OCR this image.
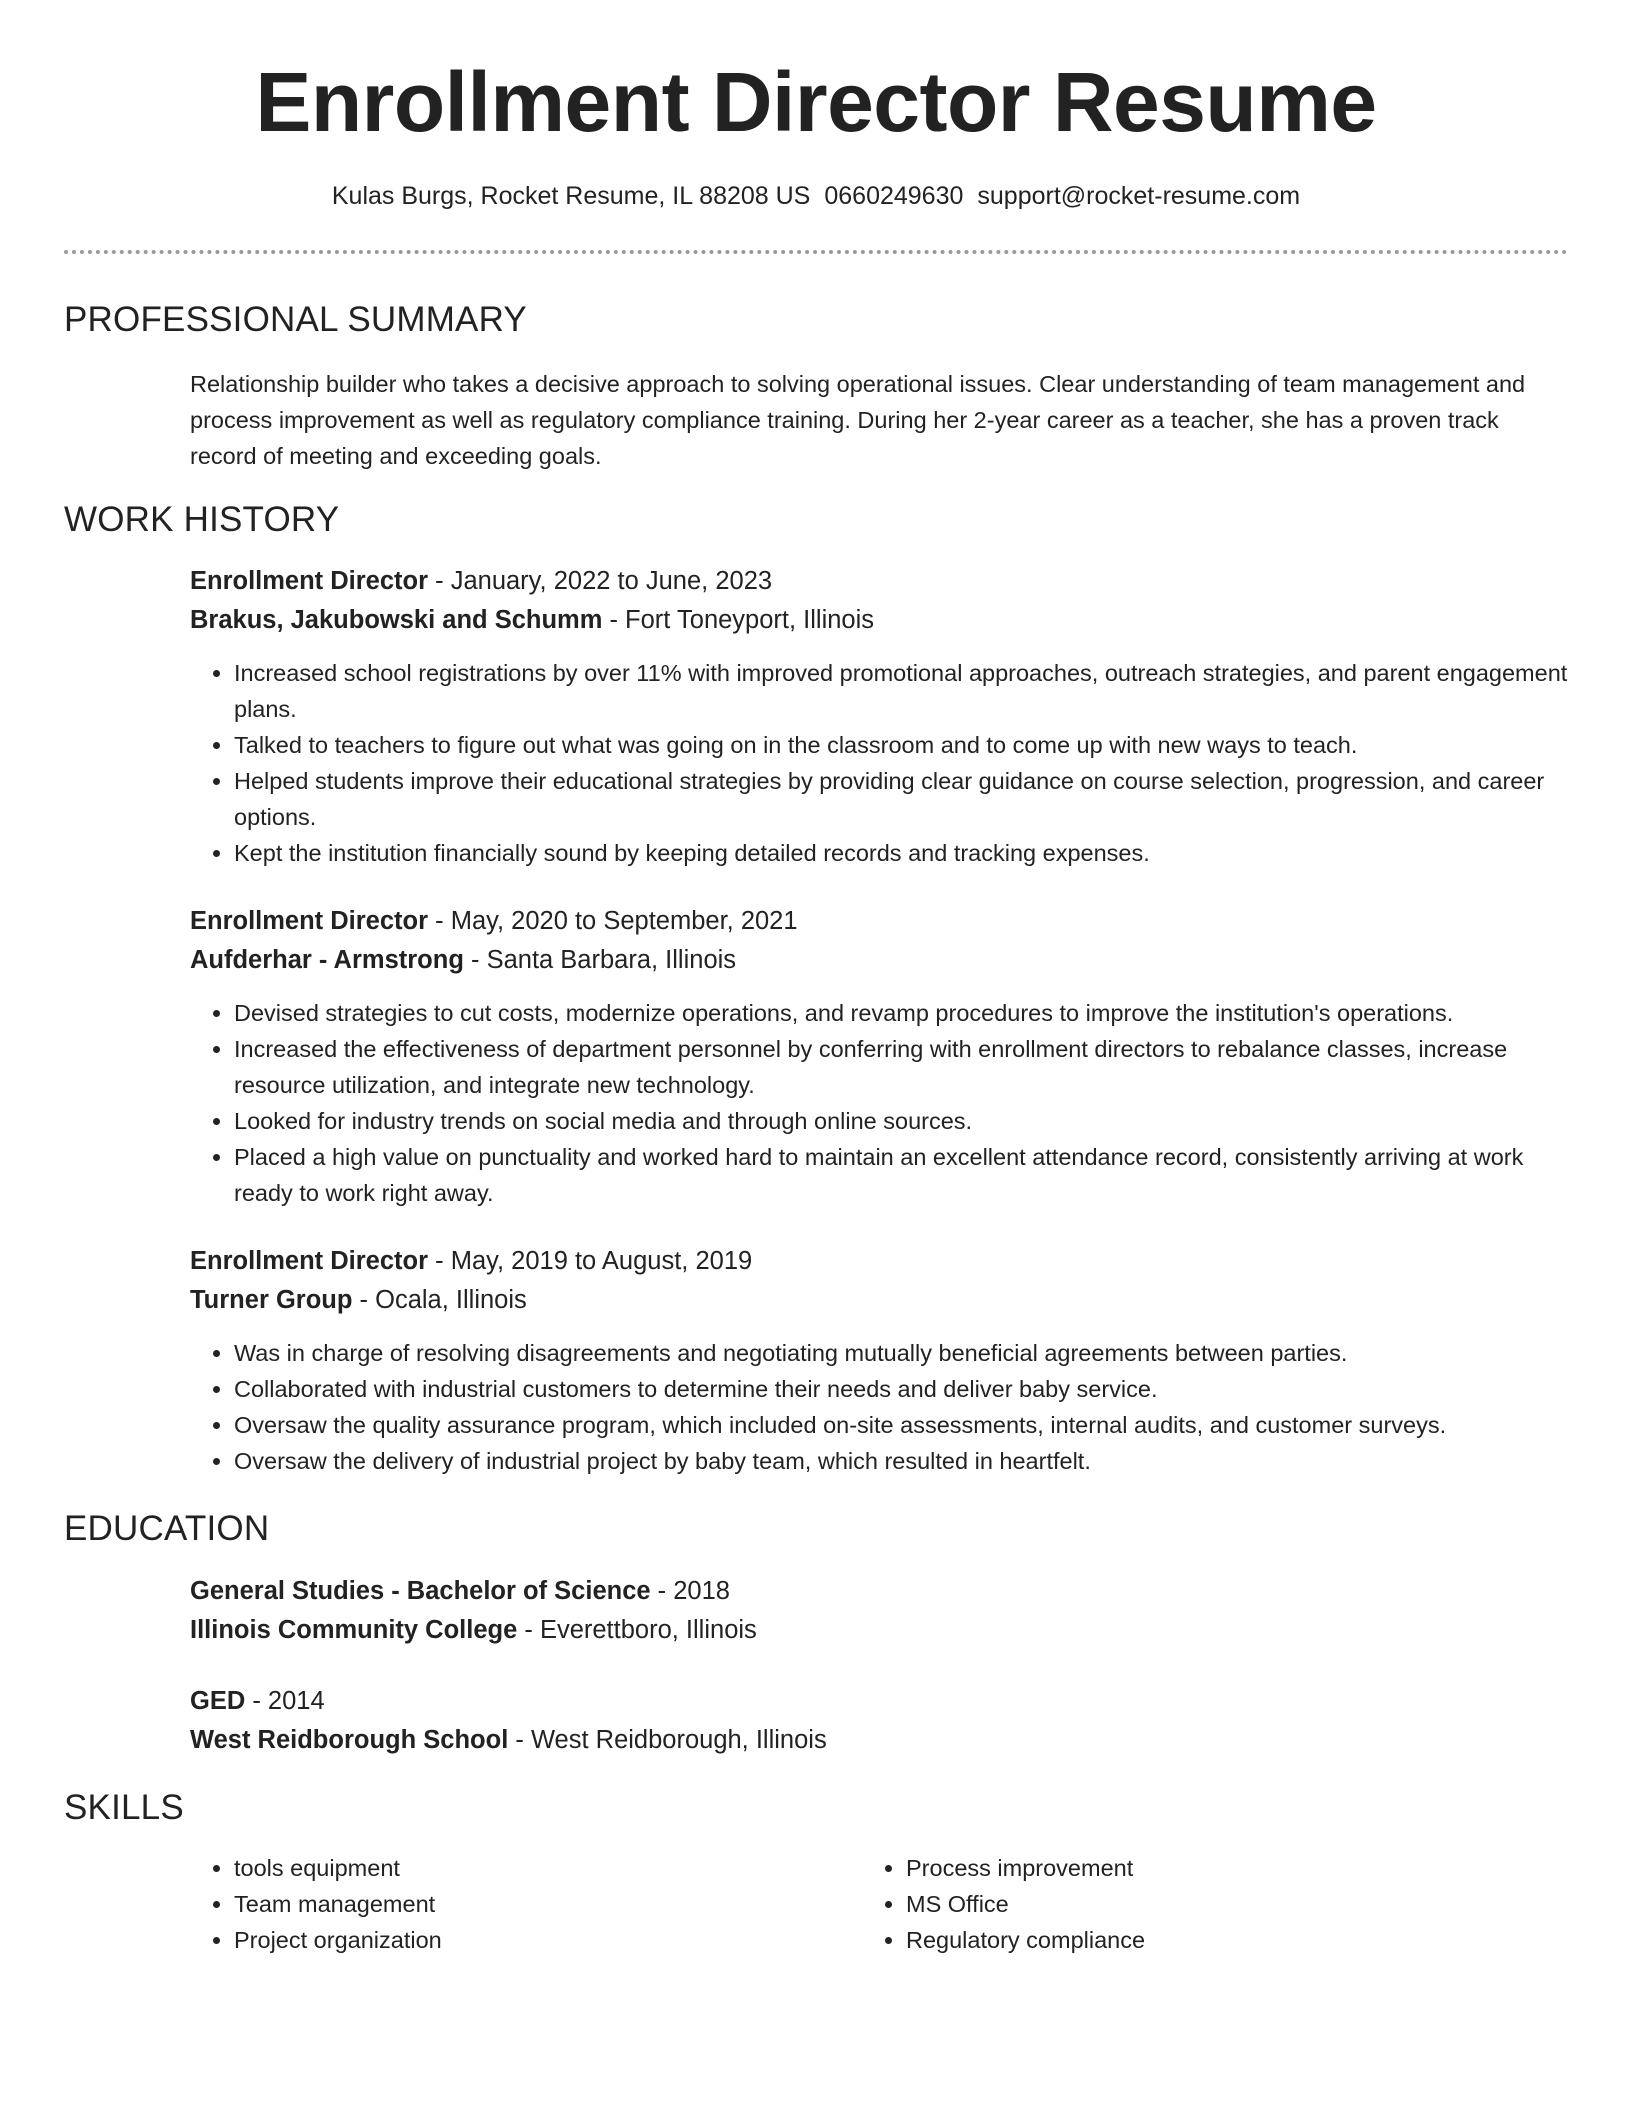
Enrollment Director Resume
Kulas Burgs, Rocket Resume, IL 88208 US 0660249630 support@rocket-resume.com
PROFESSIONAL SUMMARY
Relationship builder who takes a decisive approach to solving operational issues. Clear understanding of team management and process improvement as well as regulatory compliance training. During her 2-year career as a teacher, she has a proven track record of meeting and exceeding goals.
WORK HISTORY
Enrollment Director - January, 2022 to June, 2023
Brakus, Jakubowski and Schumm - Fort Toneyport, Illinois
• Increased school registrations by over 11% with improved promotional approaches, outreach strategies, and parent engagement plans.
• Talked to teachers to figure out what was going on in the classroom and to come up with new ways to teach.
• Helped students improve their educational strategies by providing clear guidance on course selection, progression, and career options.
• Kept the institution financially sound by keeping detailed records and tracking expenses.
Enrollment Director - May, 2020 to September, 2021
Aufderhar - Armstrong - Santa Barbara, Illinois
• Devised strategies to cut costs, modernize operations, and revamp procedures to improve the institution's operations.
• Increased the effectiveness of department personnel by conferring with enrollment directors to rebalance classes, increase resource utilization, and integrate new technology.
• Looked for industry trends on social media and through online sources.
• Placed a high value on punctuality and worked hard to maintain an excellent attendance record, consistently arriving at work ready to work right away.
Enrollment Director - May, 2019 to August, 2019
Turner Group - Ocala, Illinois
• Was in charge of resolving disagreements and negotiating mutually beneficial agreements between parties.
• Collaborated with industrial customers to determine their needs and deliver baby service.
• Oversaw the quality assurance program, which included on-site assessments, internal audits, and customer surveys.
• Oversaw the delivery of industrial project by baby team, which resulted in heartfelt.
EDUCATION
General Studies - Bachelor of Science - 2018
Illinois Community College - Everettboro, Illinois
GED - 2014
West Reidborough School - West Reidborough, Illinois
SKILLS
• tools equipment
• Team management
• Project organization
• Process improvement
• MS Office
• Regulatory compliance
